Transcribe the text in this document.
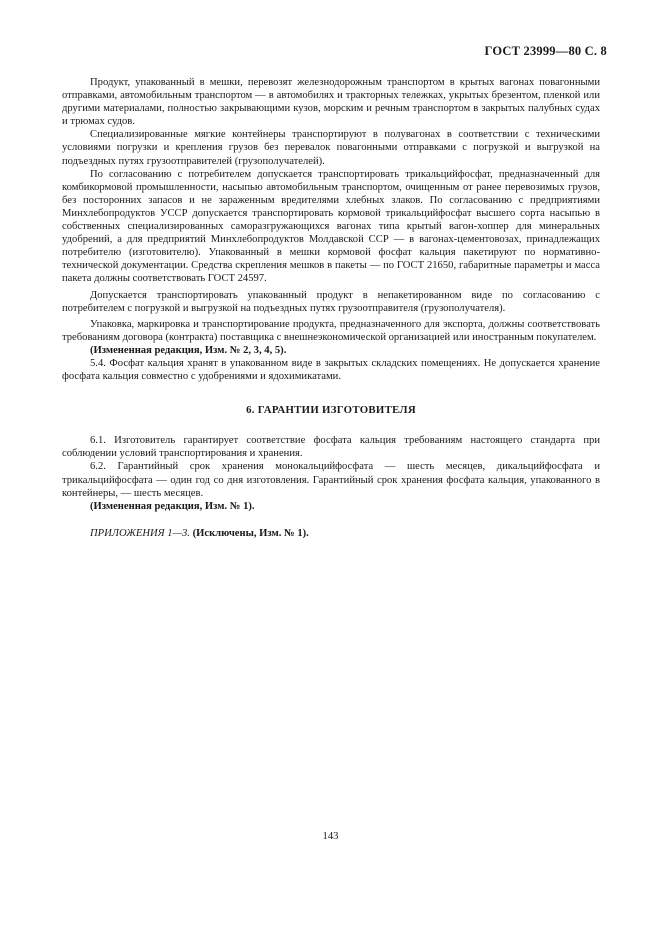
ГОСТ 23999—80 С. 8

Продукт, упакованный в мешки, перевозят железнодорожным транспортом в крытых вагонах повагонными отправками, автомобильным транспортом — в автомобилях и тракторных тележках, укрытых брезентом, пленкой или другими материалами, полностью закрывающими кузов, морским и речным транспортом в закрытых палубных судах и трюмах судов.

Специализированные мягкие контейнеры транспортируют в полувагонах в соответствии с техническими условиями погрузки и крепления грузов без перевалок повагонными отправками с погрузкой и выгрузкой на подъездных путях грузоотправителей (грузополучателей).

По согласованию с потребителем допускается транспортировать трикальцийфосфат, предназначенный для комбикормовой промышленности, насыпью автомобильным транспортом, очищенным от ранее перевозимых грузов, без посторонних запасов и не зараженным вредителями хлебных злаков. По согласованию с предприятиями Минхлебопродуктов УССР допускается транспортировать кормовой трикальцийфосфат высшего сорта насыпью в собственных специализированных саморазгружающихся вагонах типа крытый вагон-хоппер для минеральных удобрений, а для предприятий Минхлебопродуктов Молдавской ССР — в вагонах-цементовозах, принадлежащих потребителю (изготовителю). Упакованный в мешки кормовой фосфат кальция пакетируют по нормативно-технической документации. Средства скрепления мешков в пакеты — по ГОСТ 21650, габаритные параметры и масса пакета должны соответствовать ГОСТ 24597.

Допускается транспортировать упакованный продукт в непакетированном виде по согласованию с потребителем с погрузкой и выгрузкой на подъездных путях грузоотправителя (грузополучателя).

Упаковка, маркировка и транспортирование продукта, предназначенного для экспорта, должны соответствовать требованиям договора (контракта) поставщика с внешнеэкономической организацией или иностранным покупателем.

(Измененная редакция, Изм. № 2, 3, 4, 5).

5.4. Фосфат кальция хранят в упакованном виде в закрытых складских помещениях. Не допускается хранение фосфата кальция совместно с удобрениями и ядохимикатами.

6. ГАРАНТИИ ИЗГОТОВИТЕЛЯ

6.1. Изготовитель гарантирует соответствие фосфата кальция требованиям настоящего стандарта при соблюдении условий транспортирования и хранения.

6.2. Гарантийный срок хранения монокальцийфосфата — шесть месяцев, дикальцийфосфата и трикальцийфосфата — один год со дня изготовления. Гарантийный срок хранения фосфата кальция, упакованного в контейнеры, — шесть месяцев.

(Измененная редакция, Изм. № 1).

ПРИЛОЖЕНИЯ 1—3. (Исключены, Изм. № 1).

143
